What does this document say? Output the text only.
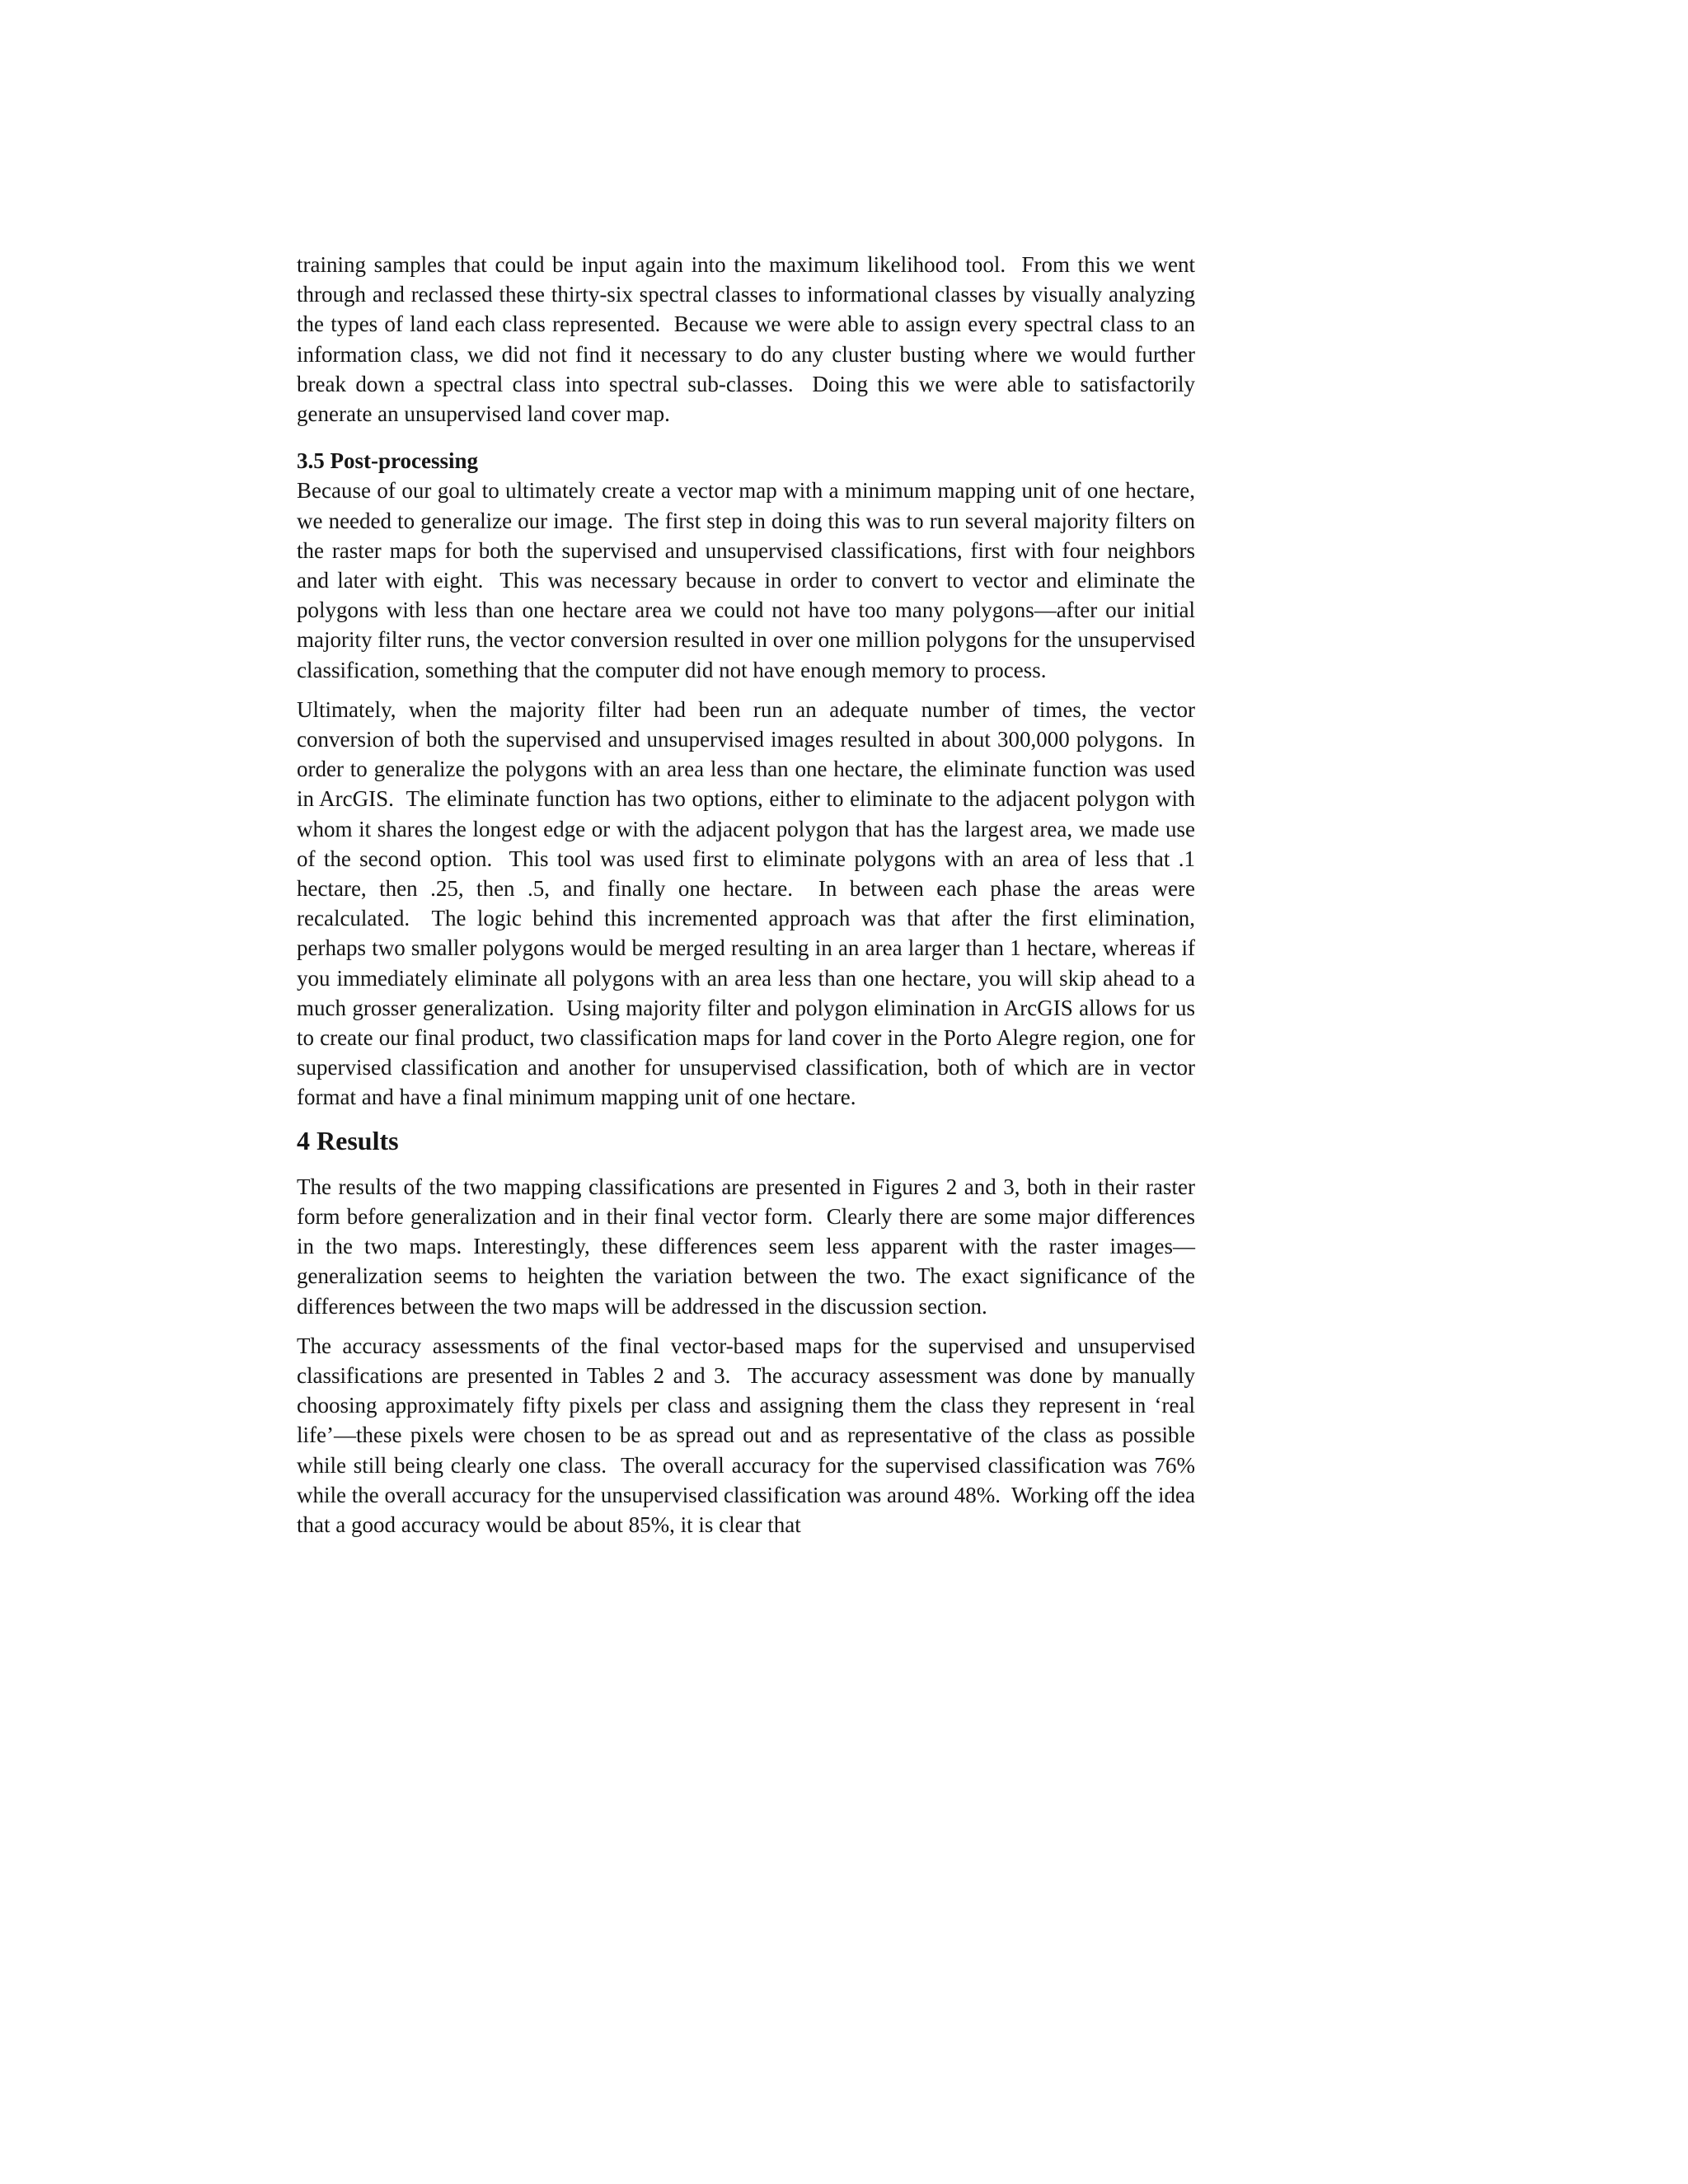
training samples that could be input again into the maximum likelihood tool.  From this we went through and reclassed these thirty-six spectral classes to informational classes by visually analyzing the types of land each class represented.  Because we were able to assign every spectral class to an information class, we did not find it necessary to do any cluster busting where we would further break down a spectral class into spectral sub-classes.  Doing this we were able to satisfactorily generate an unsupervised land cover map.

3.5 Post-processing

Because of our goal to ultimately create a vector map with a minimum mapping unit of one hectare, we needed to generalize our image.  The first step in doing this was to run several majority filters on the raster maps for both the supervised and unsupervised classifications, first with four neighbors and later with eight.  This was necessary because in order to convert to vector and eliminate the polygons with less than one hectare area we could not have too many polygons—after our initial majority filter runs, the vector conversion resulted in over one million polygons for the unsupervised classification, something that the computer did not have enough memory to process.

Ultimately, when the majority filter had been run an adequate number of times, the vector conversion of both the supervised and unsupervised images resulted in about 300,000 polygons.  In order to generalize the polygons with an area less than one hectare, the eliminate function was used in ArcGIS.  The eliminate function has two options, either to eliminate to the adjacent polygon with whom it shares the longest edge or with the adjacent polygon that has the largest area, we made use of the second option.  This tool was used first to eliminate polygons with an area of less that .1 hectare, then .25, then .5, and finally one hectare.  In between each phase the areas were recalculated.  The logic behind this incremented approach was that after the first elimination, perhaps two smaller polygons would be merged resulting in an area larger than 1 hectare, whereas if you immediately eliminate all polygons with an area less than one hectare, you will skip ahead to a much grosser generalization.  Using majority filter and polygon elimination in ArcGIS allows for us to create our final product, two classification maps for land cover in the Porto Alegre region, one for supervised classification and another for unsupervised classification, both of which are in vector format and have a final minimum mapping unit of one hectare.

4 Results

The results of the two mapping classifications are presented in Figures 2 and 3, both in their raster form before generalization and in their final vector form.  Clearly there are some major differences in the two maps. Interestingly, these differences seem less apparent with the raster images—generalization seems to heighten the variation between the two. The exact significance of the differences between the two maps will be addressed in the discussion section.

The accuracy assessments of the final vector-based maps for the supervised and unsupervised classifications are presented in Tables 2 and 3.  The accuracy assessment was done by manually choosing approximately fifty pixels per class and assigning them the class they represent in ‘real life’—these pixels were chosen to be as spread out and as representative of the class as possible while still being clearly one class.  The overall accuracy for the supervised classification was 76% while the overall accuracy for the unsupervised classification was around 48%.  Working off the idea that a good accuracy would be about 85%, it is clear that
